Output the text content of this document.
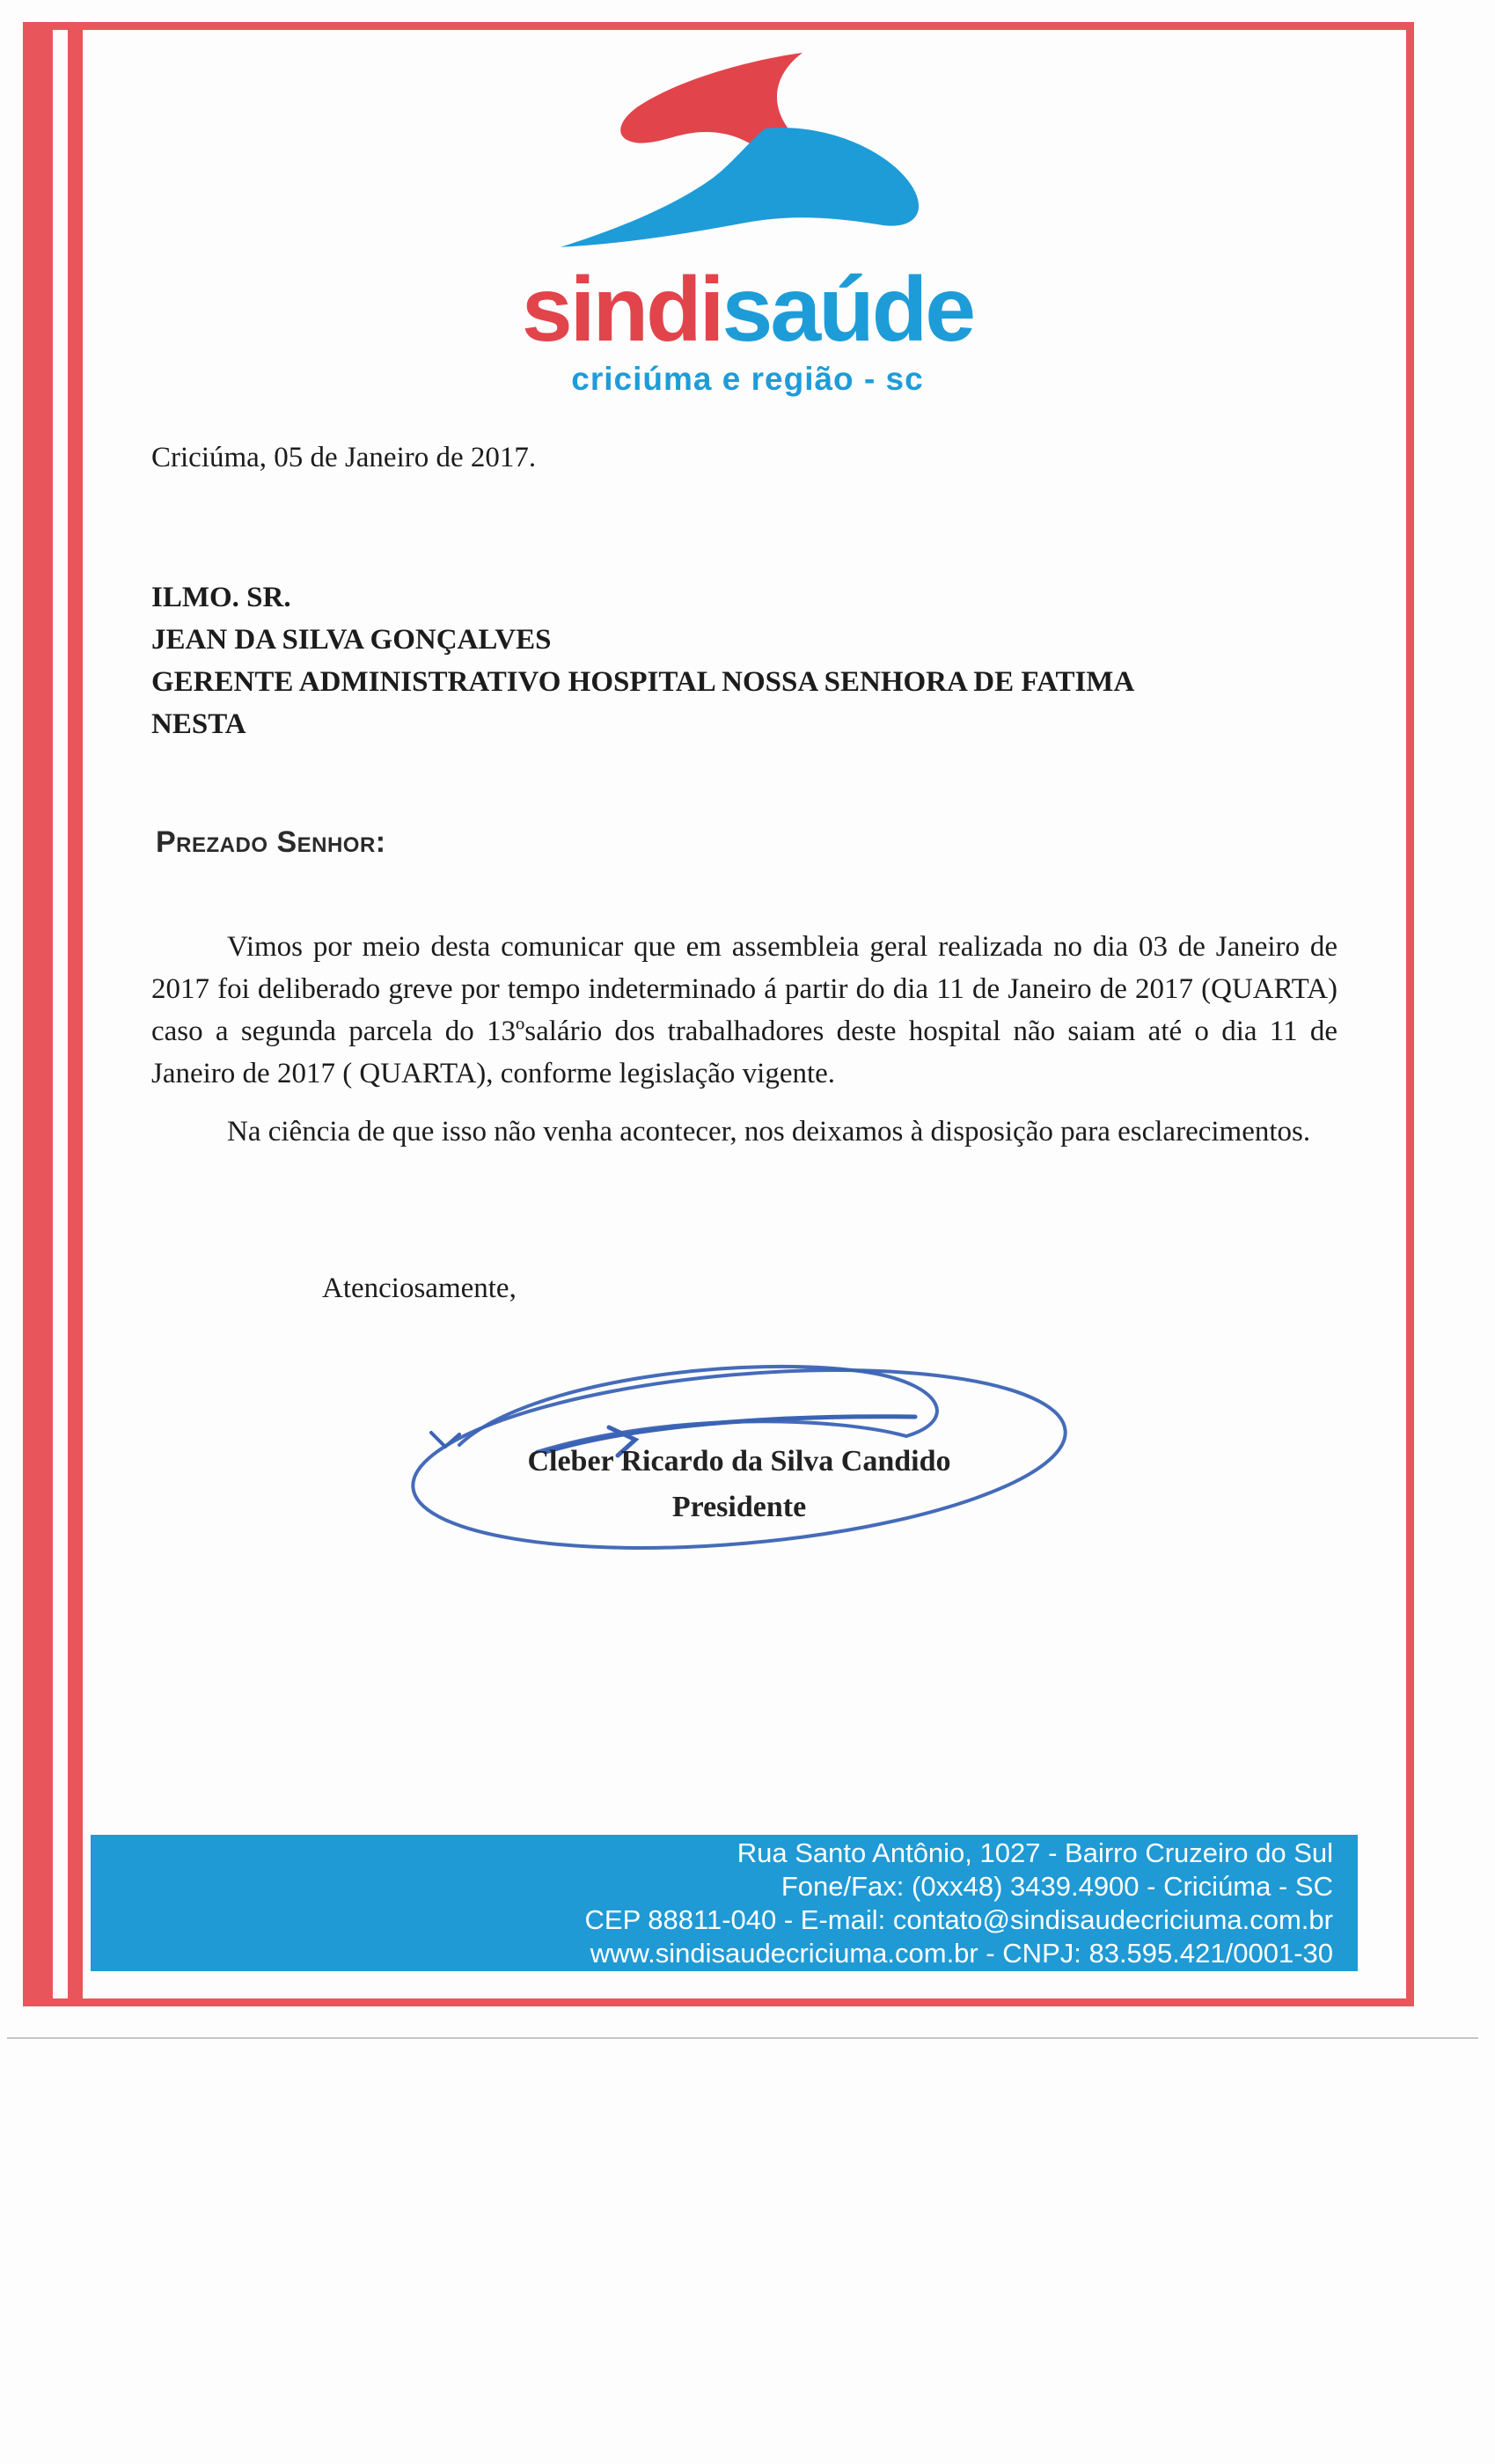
sindisaúde
criciúma e região - sc
Criciúma, 05 de Janeiro de 2017.
ILMO. SR.
JEAN DA SILVA GONÇALVES
GERENTE ADMINISTRATIVO HOSPITAL NOSSA SENHORA DE FATIMA
NESTA
Prezado Senhor:

Vimos por meio desta comunicar que em assembleia geral realizada no dia 03 de Janeiro de 2017 foi deliberado greve por tempo indeterminado á partir do dia 11 de Janeiro de 2017 (QUARTA) caso a segunda parcela do 13ºsalário dos trabalhadores deste hospital não saiam até o dia 11 de Janeiro de 2017 ( QUARTA), conforme legislação vigente.

Na ciência de que isso não venha acontecer, nos deixamos à disposição para esclarecimentos.

Atenciosamente,
Cleber Ricardo da Silva Candido
Presidente
Rua Santo Antônio, 1027 - Bairro Cruzeiro do Sul
Fone/Fax: (0xx48) 3439.4900 - Criciúma - SC
CEP 88811-040 - E-mail: contato@sindisaudecriciuma.com.br
www.sindisaudecriciuma.com.br - CNPJ: 83.595.421/0001-30
